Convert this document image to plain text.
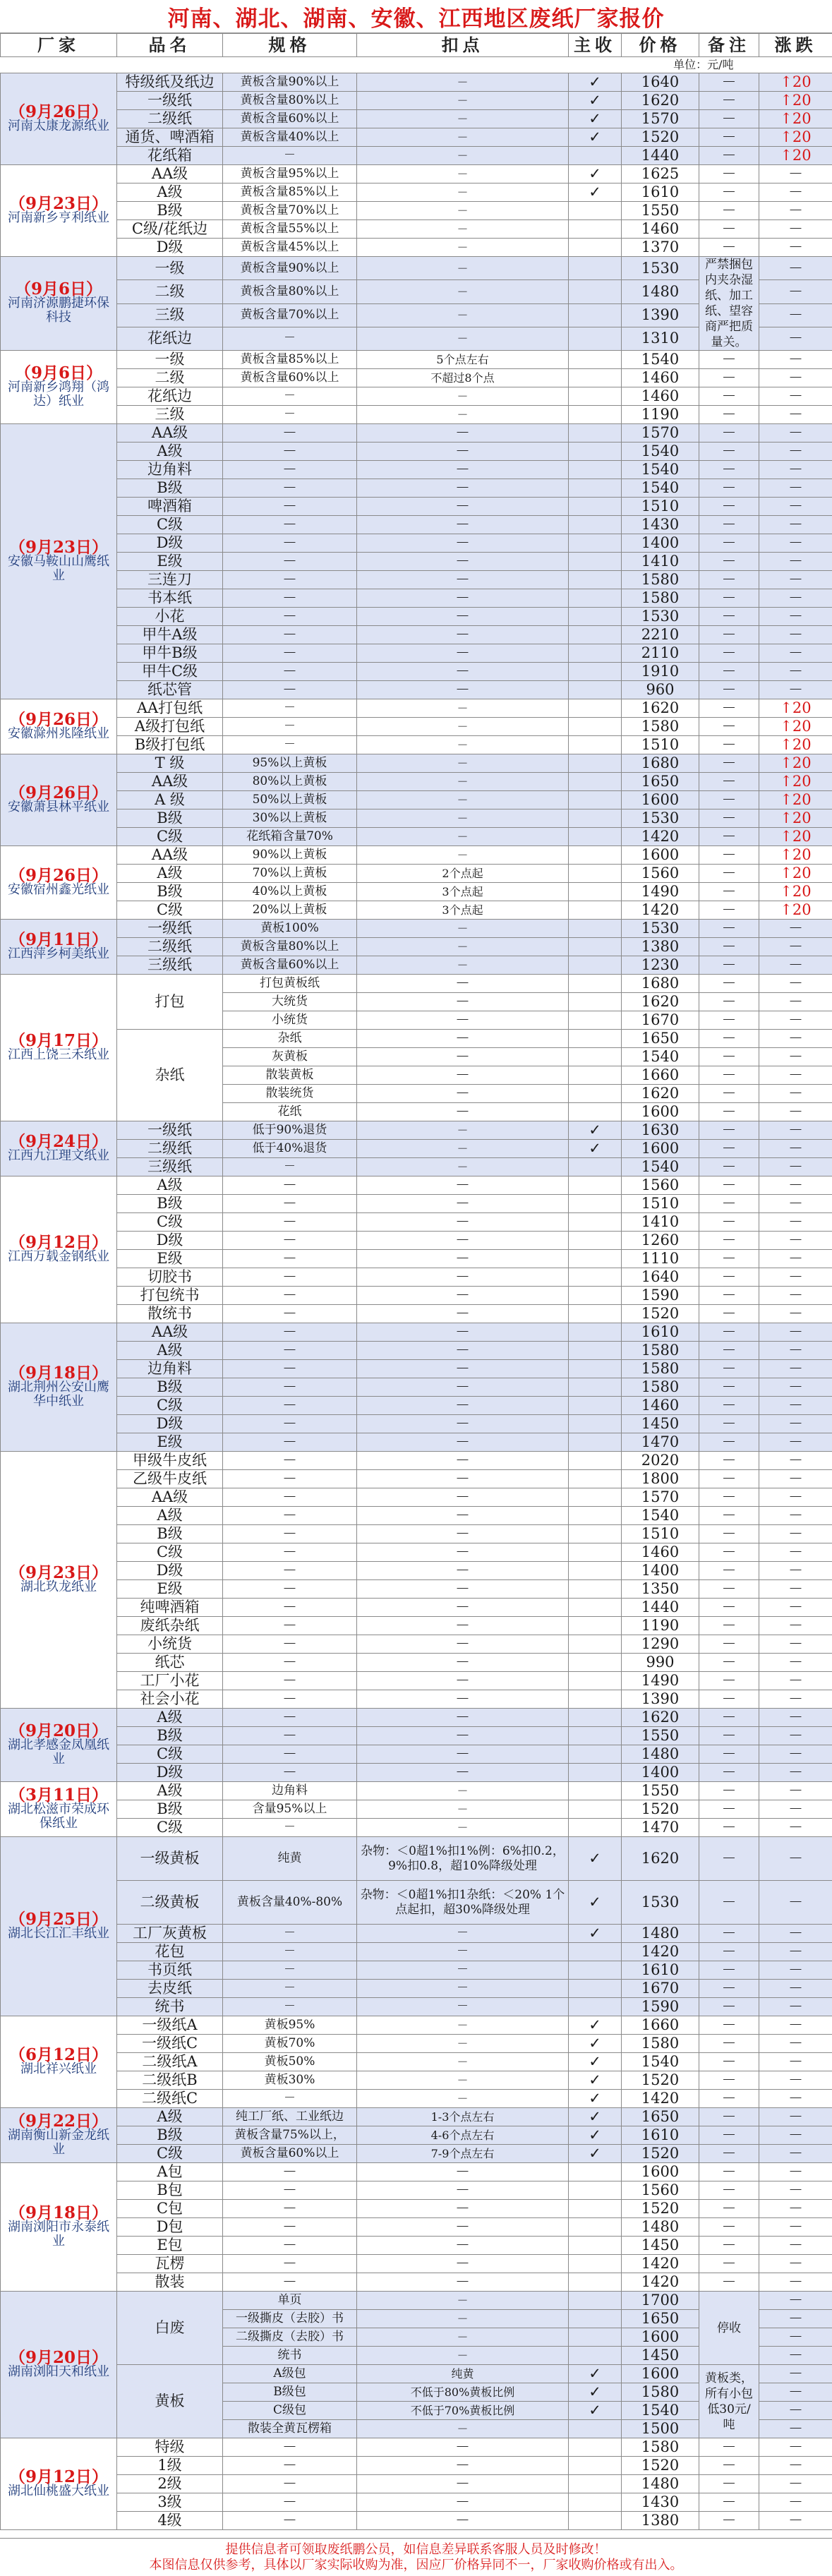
河南、湖北、湖南、安徽、江西地区废纸厂家报价
厂家	品名	规格	扣点	主收	价格	备注	涨跌
单位：元/吨							

（9月26日）
河南太康龙源纸业	特级纸及纸边	黄板含量90%以上	－	✓	1640	－	↑20
	一级纸	黄板含量80%以上	－	✓	1620	－	↑20
	二级纸	黄板含量60%以上	－	✓	1570	－	↑20
	通货、啤酒箱	黄板含量40%以上	－	✓	1520	－	↑20
	花纸箱	－	－		1440	－	↑20

（9月23日）
河南新乡亨利纸业	AA级	黄板含量95%以上	－	✓	1625	－	－
	A级	黄板含量85%以上	－	✓	1610	－	－
	B级	黄板含量70%以上	－		1550	－	－
	C级/花纸边	黄板含量55%以上	－		1460	－	－
	D级	黄板含量45%以上	－		1370	－	－

（9月6日）
河南济源鹏捷环保科技	一级	黄板含量90%以上	－		1530	严禁捆包内夹杂湿纸、加工纸、望容商严把质量关。	－
	二级	黄板含量80%以上	－		1480		－
	三级	黄板含量70%以上	－		1390		－
	花纸边	－	－		1310		－

（9月6日）
河南新乡鸿翔（鸿达）纸业	一级	黄板含量85%以上	5个点左右		1540	－	－
	二级	黄板含量60%以上	不超过8个点		1460	－	－
	花纸边	－	－		1460	－	－
	三级	－	－		1190	－	－

（9月23日）
安徽马鞍山山鹰纸业	AA级	－	－		1570	－	－
	A级	－	－		1540	－	－
	边角料	－	－		1540	－	－
	B级	－	－		1540	－	－
	啤酒箱	－	－		1510	－	－
	C级	－	－		1430	－	－
	D级	－	－		1400	－	－
	E级	－	－		1410	－	－
	三连刀	－	－		1580	－	－
	书本纸	－	－		1580	－	－
	小花	－	－		1530	－	－
	甲牛A级	－	－		2210	－	－
	甲牛B级	－	－		2110	－	－
	甲牛C级	－	－		1910	－	－
	纸芯管	－	－		960	－	－

（9月26日）
安徽滁州兆隆纸业	AA打包纸	－	－		1620	－	↑20
	A级打包纸	－	－		1580	－	↑20
	B级打包纸	－	－		1510	－	↑20

（9月26日）
安徽萧县林平纸业	T 级	95%以上黄板	－		1680	－	↑20
	AA级	80%以上黄板	－		1650	－	↑20
	A 级	50%以上黄板	－		1600	－	↑20
	B级	30%以上黄板	－		1530	－	↑20
	C级	花纸箱含量70%	－		1420	－	↑20

（9月26日）
安徽宿州鑫光纸业	AA级	90%以上黄板	－		1600	－	↑20
	A级	70%以上黄板	2个点起		1560	－	↑20
	B级	40%以上黄板	3个点起		1490	－	↑20
	C级	20%以上黄板	3个点起		1420	－	↑20

（9月11日）
江西萍乡柯美纸业	一级纸	黄板100%	－		1530	－	－
	二级纸	黄板含量80%以上	－		1380	－	－
	三级纸	黄板含量60%以上	－		1230	－	－

（9月17日）
江西上饶三禾纸业	打包	打包黄板纸	－		1680	－	－
		大统货	－		1620	－	－
		小统货	－		1670	－	－
	杂纸	杂纸	－		1650	－	－
		灰黄板	－		1540	－	－
		散装黄板	－		1660	－	－
		散装统货	－		1620	－	－
		花纸	－		1600	－	－

（9月24日）
江西九江理文纸业	一级纸	低于90%退货	－	✓	1630	－	－
	二级纸	低于40%退货	－	✓	1600	－	－
	三级纸	－	－		1540	－	－

（9月12日）
江西万载金钢纸业	A级	－	－		1560	－	－
	B级	－	－		1510	－	－
	C级	－	－		1410	－	－
	D级	－	－		1260	－	－
	E级	－	－		1110	－	－
	切胶书	－	－		1640	－	－
	打包统书	－	－		1590	－	－
	散统书	－	－		1520	－	－

（9月18日）
湖北荆州公安山鹰华中纸业	AA级	－	－		1610	－	－
	A级	－	－		1580	－	－
	边角料	－	－		1580	－	－
	B级	－	－		1580	－	－
	C级	－	－		1460	－	－
	D级	－	－		1450	－	－
	E级	－	－		1470	－	－

（9月23日）
湖北玖龙纸业	甲级牛皮纸	－	－		2020	－	－
	乙级牛皮纸	－	－		1800	－	－
	AA级	－	－		1570	－	－
	A级	－	－		1540	－	－
	B级	－	－		1510	－	－
	C级	－	－		1460	－	－
	D级	－	－		1400	－	－
	E级	－	－		1350	－	－
	纯啤酒箱	－	－		1440	－	－
	废纸杂纸	－	－		1190	－	－
	小统货	－	－		1290	－	－
	纸芯	－	－		990	－	－
	工厂小花	－	－		1490	－	－
	社会小花	－	－		1390	－	－

（9月20日）
湖北孝感金凤凰纸业	A级	－	－		1620	－	－
	B级	－	－		1550	－	－
	C级	－	－		1480	－	－
	D级	－	－		1400	－	－

（3月11日）
湖北松滋市荣成环保纸业	A级	边角料	－		1550	－	－
	B级	含量95%以上	－		1520	－	－
	C级	－	－		1470	－	－

（9月25日）
湖北长江汇丰纸业	一级黄板	纯黄	杂物：＜0超1%扣1%例：6%扣0.2，9%扣0.8，超10%降级处理	✓	1620	－	－
	二级黄板	黄板含量40%-80%	杂物：＜0超1%扣1杂纸：＜20% 1个点起扣，超30%降级处理	✓	1530	－	－
	工厂灰黄板	－	－	✓	1480	－	－
	花包	－	－		1420	－	－
	书页纸	－	－		1610	－	－
	去皮纸	－	－		1670	－	－
	统书	－	－		1590	－	－

（6月12日）
湖北祥兴纸业	一级纸A	黄板95%	－	✓	1660	－	－
	一级纸C	黄板70%	－	✓	1580	－	－
	二级纸A	黄板50%	－	✓	1540	－	－
	二级纸B	黄板30%	－	✓	1520	－	－
	二级纸C	－	－	✓	1420	－	－

（9月22日）
湖南衡山新金龙纸业	A级	纯工厂纸、工业纸边	1-3个点左右	✓	1650	－	－
	B级	黄板含量75%以上，	4-6个点左右	✓	1610	－	－
	C级	黄板含量60%以上	7-9个点左右	✓	1520	－	－

（9月18日）
湖南浏阳市永泰纸业	A包	－	－		1600	－	－
	B包	－	－		1560	－	－
	C包	－	－		1520	－	－
	D包	－	－		1480	－	－
	E包	－	－		1450	－	－
	瓦楞	－	－		1420	－	－
	散装	－	－		1420	－	－

（9月20日）
湖南浏阳天和纸业	白废	单页	－		1700	停收	－
		一级撕皮（去胶）书	－		1650		－
		二级撕皮（去胶）书	－		1600		－
		统书	－		1450		－
	黄板	A级包	纯黄	✓	1600	黄板类，所有小包低30元/吨	－
		B级包	不低于80%黄板比例	✓	1580		－
		C级包	不低于70%黄板比例	✓	1540		－
		散装全黄瓦楞箱	－		1500		－

（9月12日）
湖北仙桃盛大纸业	特级	－	－		1580	－	－
	1级	－	－		1520	－	－
	2级	－	－		1480	－	－
	3级	－	－		1430	－	－
	4级	－	－		1380	－	－
提供信息者可领取废纸鹏公员，如信息差异联系客服人员及时修改！
本图信息仅供参考，具体以厂家实际收购为准，因应厂价格异同不一，厂家收购价格或有出入。
